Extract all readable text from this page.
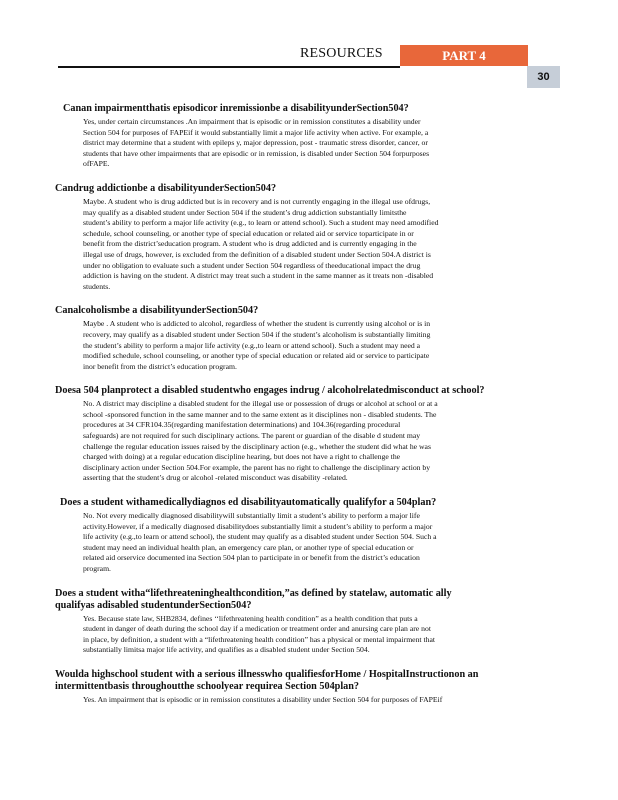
RESOURCES	PART 4
30

Canan impairmentthatis episodicor inremissionbe a disabilityunderSection504?

Yes, under certain circumstances .An impairment that is episodic or in remission constitutes a disability under
Section 504 for purposes of FAPEif it would substantially limit a major life activity when active. For example, a
district may determine that a student with epileps y, major depression, post - traumatic stress disorder, cancer, or
students that have other impairments that are episodic or in remission, is disabled under Section 504 forpurposes
ofFAPE.

Candrug addictionbe a disabilityunderSection504?

Maybe. A student who is drug addicted but is in recovery and is not currently engaging in the illegal use ofdrugs,
may qualify as a disabled student under Section 504 if the student’s drug addiction substantially limitsthe
student’s ability to perform a major life activity (e.g., to learn or attend school). Such a student may need amodified
schedule, school counseling, or another type of special education or related aid or service toparticipate in or
benefit from the district’seducation program. A student who is drug addicted and is currently engaging in the
illegal use of drugs, however, is excluded from the definition of a disabled student under Section 504.A district is
under no obligation to evaluate such a student under Section 504 regardless of theeducational impact the drug
addiction is having on the student. A district may treat such a student in the same manner as it treats non -disabled
students.

Canalcoholismbe a disabilityunderSection504?

Maybe . A student who is addicted to alcohol, regardless of whether the student is currently using alcohol or is in
recovery, may qualify as a disabled student under Section 504 if the student’s alcoholism is substantially limiting
the student’s ability to perform a major life activity (e.g.,to learn or attend school). Such a student may need a
modified schedule, school counseling, or another type of special education or related aid or service to participate
inor benefit from the district’s education program.

Doesa 504 planprotect a disabled studentwho engages indrug / alcoholrelatedmisconduct at school?

No. A district may discipline a disabled student for the illegal use or possession of drugs or alcohol at school or at a
school -sponsored function in the same manner and to the same extent as it disciplines non - disabled students. The
procedures at 34 CFR104.35(regarding manifestation determinations) and 104.36(regarding procedural
safeguards) are not required for such disciplinary actions. The parent or guardian of the disable d student may
challenge the regular education issues raised by the disciplinary action (e.g., whether the student did what he was
charged with doing) at a regular education discipline hearing, but does not have a right to challenge the
disciplinary action under Section 504.For example, the parent has no right to challenge the disciplinary action by
asserting that the student’s drug or alcohol -related misconduct was disability -related.

Does a student withamedicallydiagnos ed disabilityautomatically qualifyfor a 504plan?

No. Not every medically diagnosed disabilitywill substantially limit a student’s ability to perform a major life
activity.However, if a medically diagnosed disabilitydoes substantially limit a student’s ability to perform a major
life activity (e.g.,to learn or attend school), the student may qualify as a disabled student under Section 504. Such a
student may need an individual health plan, an emergency care plan, or another type of special education or
related aid orservice documented ina Section 504 plan to participate in or benefit from the district’s education
program.

Does a student witha“lifethreateninghealthcondition,”as defined by statelaw, automatic ally

qualifyas adisabled studentunderSection504?

Yes. Because state law, SHB2834, defines ‘‘lifethreatening health condition” as a health condition that puts a
student in danger of death during the school day if a medication or treatment order and anursing care plan are not
in place, by definition, a student with a “lifethreatening health condition” has a physical or mental impairment that
substantially limitsa major life activity, and qualifies as a disabled student under Section 504.

Woulda highschool student with a serious illnesswho qualifiesforHome / HospitalInstructionon an

intermittentbasis throughoutthe schoolyear requirea Section 504plan?

Yes. An impairment that is episodic or in remission constitutes a disability under Section 504 for purposes of FAPEif
